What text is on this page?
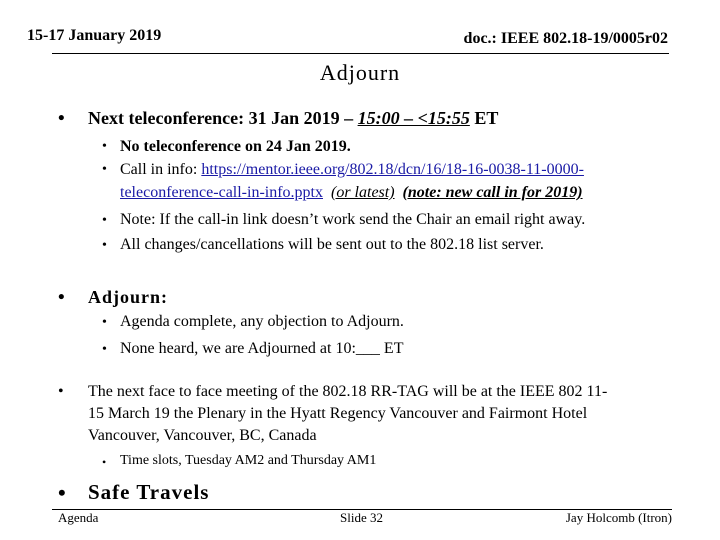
15-17 January 2019	doc.: IEEE 802.18-19/0005r02
Adjourn
• Next teleconference: 31 Jan 2019 – 15:00 – <15:55 ET
• No teleconference on 24 Jan 2019.
• Call in info: https://mentor.ieee.org/802.18/dcn/16/18-16-0038-11-0000-
teleconference-call-in-info.pptx (or latest) (note: new call in for 2019)
• Note: If the call-in link doesn’t work send the Chair an email right away.
• All changes/cancellations will be sent out to the 802.18 list server.
• Adjourn:
• Agenda complete, any objection to Adjourn.
• None heard, we are Adjourned at 10:___ ET
• The next face to face meeting of the 802.18 RR-TAG will be at the IEEE 802 11-
15 March 19 the Plenary in the Hyatt Regency Vancouver and Fairmont Hotel
Vancouver, Vancouver, BC, Canada
• Time slots, Tuesday AM2 and Thursday AM1
• Safe Travels
Agenda	Slide 32	Jay Holcomb (Itron)
